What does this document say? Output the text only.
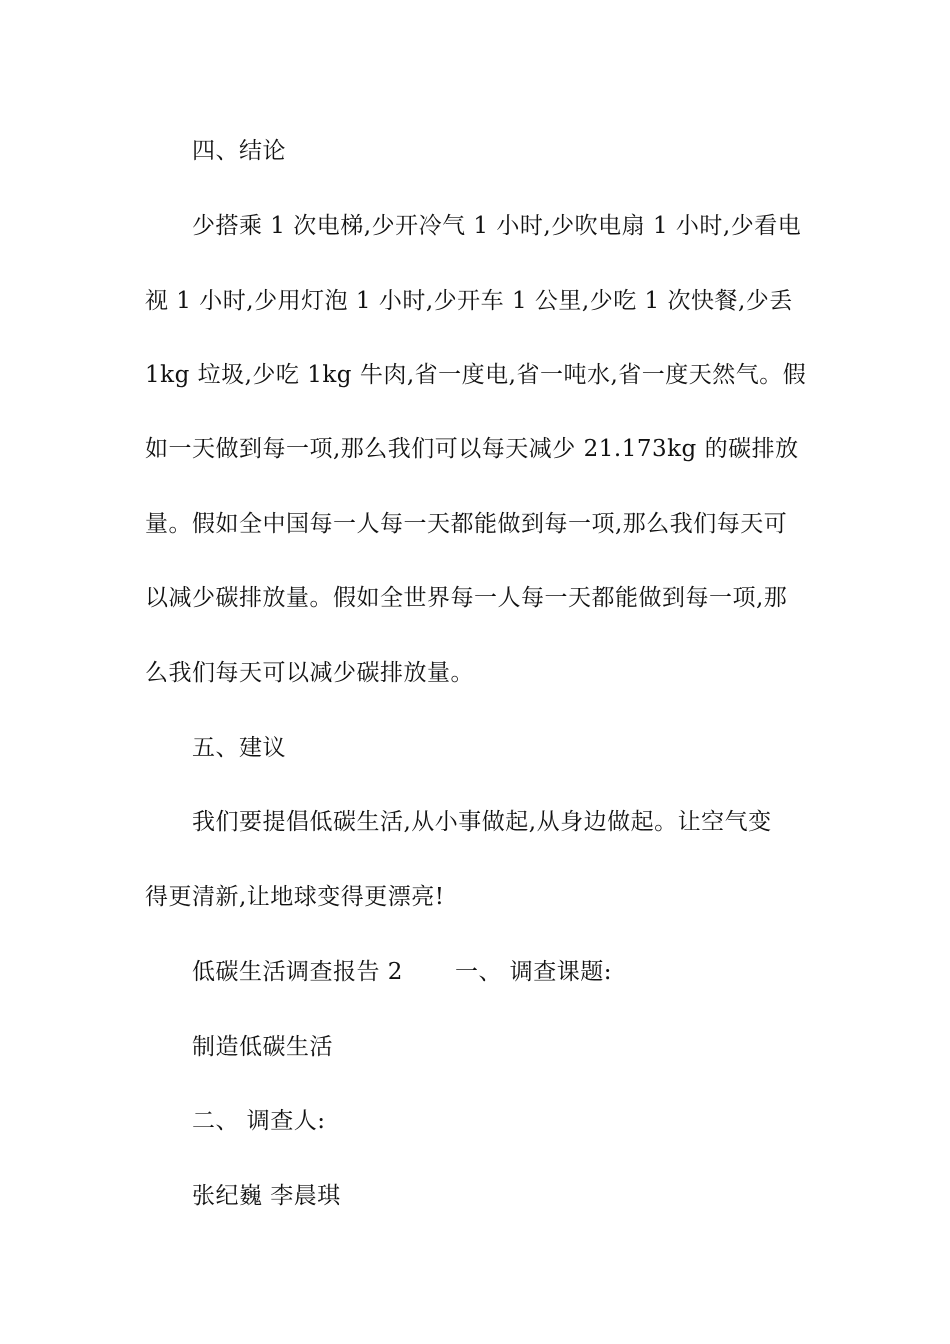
四、结论
少搭乘 1 次电梯,少开冷气 1 小时,少吹电扇 1 小时,少看电
视 1 小时,少用灯泡 1 小时,少开车 1 公里,少吃 1 次快餐,少丢
1kg 垃圾,少吃 1kg 牛肉,省一度电,省一吨水,省一度天然气。假
如一天做到每一项,那么我们可以每天减少 21.173kg 的碳排放
量。假如全中国每一人每一天都能做到每一项,那么我们每天可
以减少碳排放量。假如全世界每一人每一天都能做到每一项,那
么我们每天可以减少碳排放量。
五、建议
我们要提倡低碳生活,从小事做起,从身边做起。让空气变
得更清新,让地球变得更漂亮!
低碳生活调查报告 2 一、 调查课题:
制造低碳生活
二、 调查人:
张纪巍 李晨琪
